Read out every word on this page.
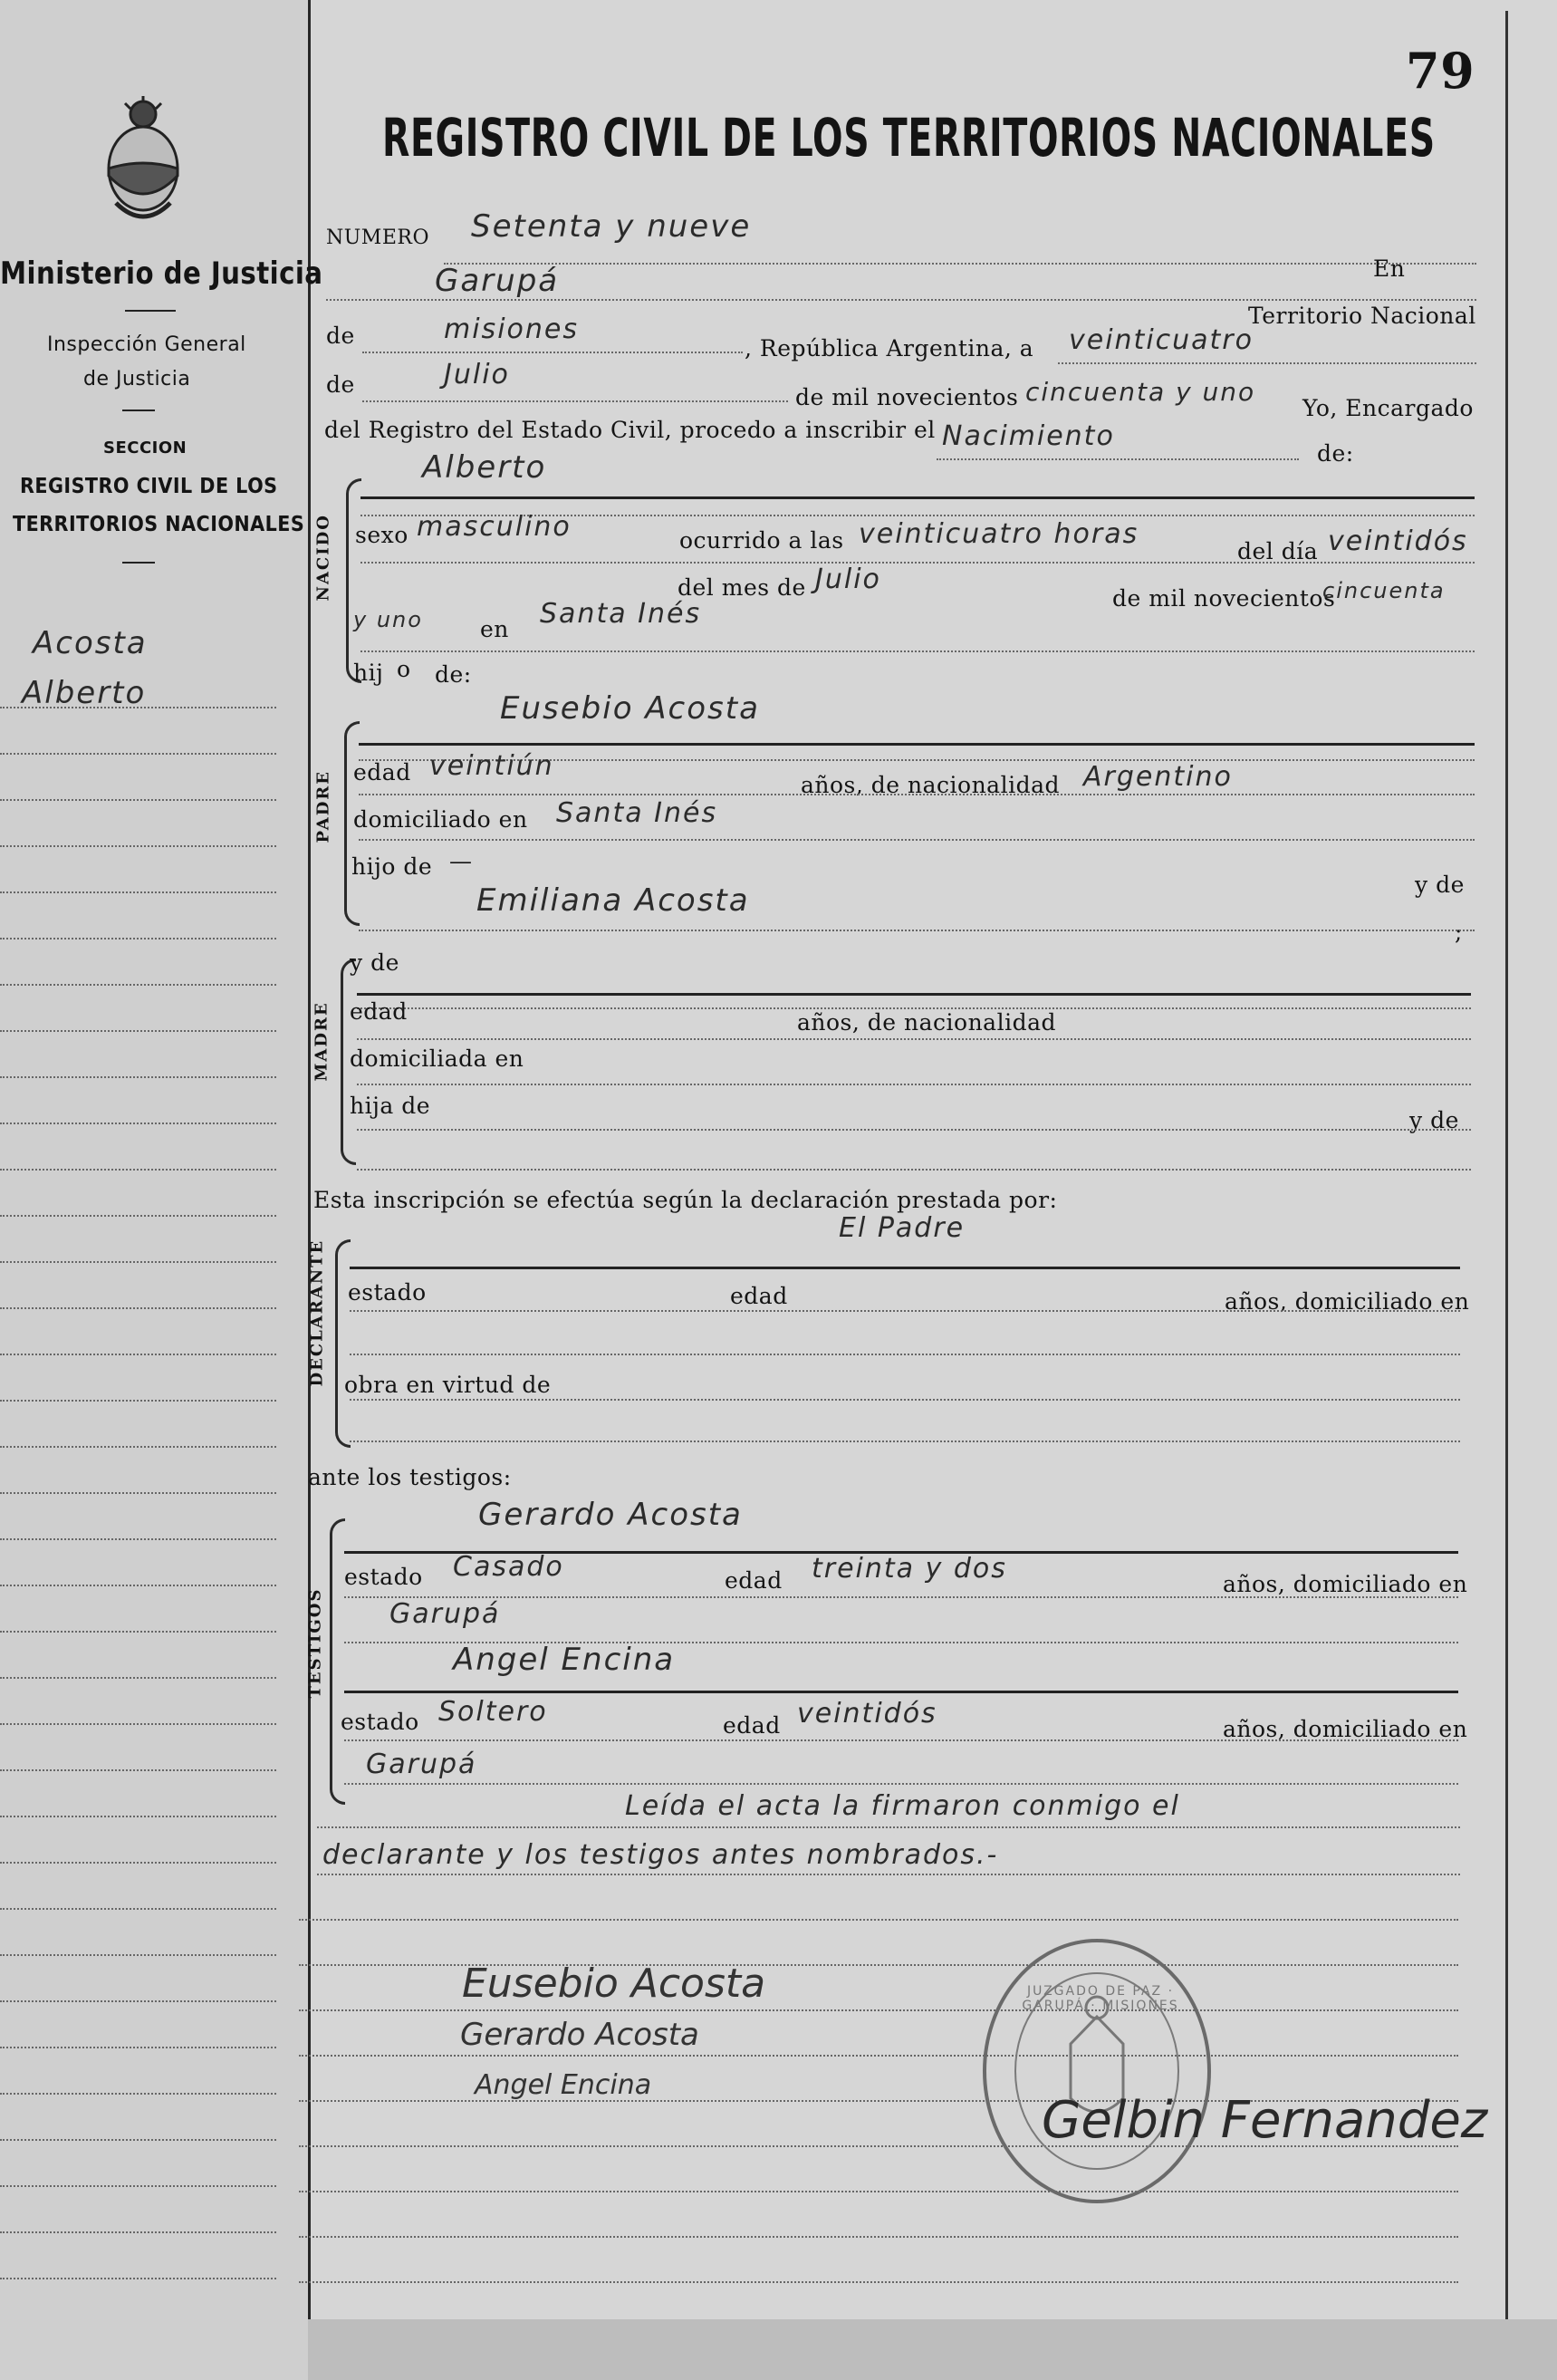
Ministerio de Justicia
Inspección General
de Justicia
SECCION
REGISTRO CIVIL DE LOS
TERRITORIOS NACIONALES
Acosta
Alberto
79
REGISTRO CIVIL DE LOS TERRITORIOS NACIONALES
NUMERO Setenta y nueve
En
Garupá
Territorio Nacional
de	misiones
, República Argentina, a veinticuatro
de	Julio
de mil novecientos cincuenta y uno
Yo, Encargado
del Registro del Estado Civil, procedo a inscribir el Nacimiento
de:
NACIDO
Alberto
sexo masculino	ocurrido a las veinticuatro horas
del día veintidós
del mes de Julio
de mil novecientos
cincuenta
y uno	en Santa Inés
hij o de:
PADRE
Eusebio Acosta
edad veintiún
años, de nacionalidad Argentino
domiciliado en Santa Inés
hijo de —
y de
Emiliana Acosta
;
MADRE
y de
edad	años, de nacionalidad
domiciliada en
hija de
y de
Esta inscripción se efectúa según la declaración prestada por:
El Padre
DECLARANTE estado	edad	años, domiciliado en
obra en virtud de
ante los testigos:
TESTIGOS
Gerardo Acosta
estado Casado	edad treinta y dos	años, domiciliado en
Garupá
Angel Encina
estado Soltero	edad veintidós	años, domiciliado en
Garupá
Leída el acta la firmaron conmigo el
declarante y los testigos antes nombrados.-
Eusebio Acosta
Gerardo Acosta
Angel Encina
JUZGADO DE PAZ · GARUPÁ · MISIONES
Gelbin Fernandez
